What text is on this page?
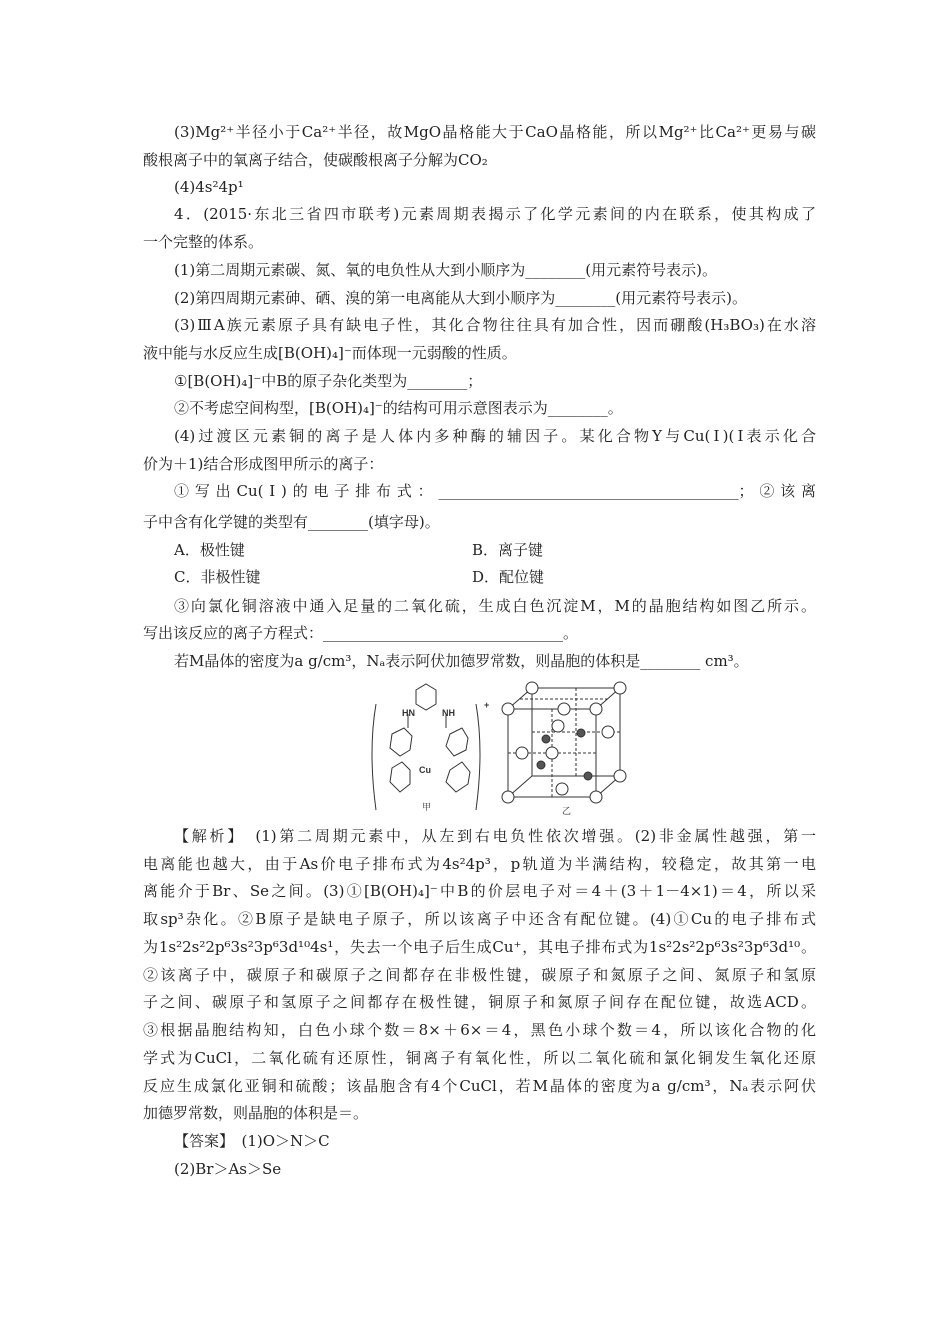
(3)Mg²⁺半径小于Ca²⁺半径，故MgO晶格能大于CaO晶格能，所以Mg²⁺比Ca²⁺更易与碳
酸根离子中的氧离子结合，使碳酸根离子分解为CO₂
(4)4s²4p¹
4．(2015·东北三省四市联考)元素周期表揭示了化学元素间的内在联系，使其构成了
一个完整的体系。
(1)第二周期元素碳、氮、氧的电负性从大到小顺序为________(用元素符号表示)。
(2)第四周期元素砷、硒、溴的第一电离能从大到小顺序为________(用元素符号表示)。
(3)ⅢA族元素原子具有缺电子性，其化合物往往具有加合性，因而硼酸(H₃BO₃)在水溶
液中能与水反应生成[B(OH)₄]⁻而体现一元弱酸的性质。
①[B(OH)₄]⁻中B的原子杂化类型为________；
②不考虑空间构型，[B(OH)₄]⁻的结构可用示意图表示为________。
(4)过渡区元素铜的离子是人体内多种酶的辅因子。某化合物Y与Cu(Ⅰ)(Ⅰ表示化合
价为＋1)结合形成图甲所示的离子：
①写出Cu(Ⅰ)的电子排布式：________________________________________；②该离
子中含有化学键的类型有________(填字母)。
③向氯化铜溶液中通入足量的二氧化硫，生成白色沉淀M，M的晶胞结构如图乙所示。
写出该反应的离子方程式：________________________________。
若M晶体的密度为a g/cm³，Nₐ表示阿伏加德罗常数，则晶胞的体积是________ cm³。
【解析】　(1)第二周期元素中，从左到右电负性依次增强。(2)非金属性越强，第一
电离能也越大，由于As价电子排布式为4s²4p³，p轨道为半满结构，较稳定，故其第一电
离能介于Br、Se之间。(3)①[B(OH)₄]⁻中B的价层电子对＝4＋(3＋1－4×1)＝4，所以采
取sp³杂化。②B原子是缺电子原子，所以该离子中还含有配位键。(4)①Cu的电子排布式
为1s²2s²2p⁶3s²3p⁶3d¹⁰4s¹，失去一个电子后生成Cu⁺，其电子排布式为1s²2s²2p⁶3s²3p⁶3d¹⁰。
②该离子中，碳原子和碳原子之间都存在非极性键，碳原子和氮原子之间、氮原子和氢原
子之间、碳原子和氢原子之间都存在极性键，铜原子和氮原子间存在配位键，故选ACD。
③根据晶胞结构知，白色小球个数＝8×＋6×＝4，黑色小球个数＝4，所以该化合物的化
学式为CuCl，二氧化硫有还原性，铜离子有氧化性，所以二氧化硫和氯化铜发生氧化还原
反应生成氯化亚铜和硫酸；该晶胞含有4个CuCl，若M晶体的密度为a g/cm³，Nₐ表示阿伏
加德罗常数，则晶胞的体积是＝。
【答案】　(1)O＞N＞C
(2)Br＞As＞Se
A．极性键	B．离子键
C．非极性键	D．配位键
+
HN	NH
Cu
甲	乙
